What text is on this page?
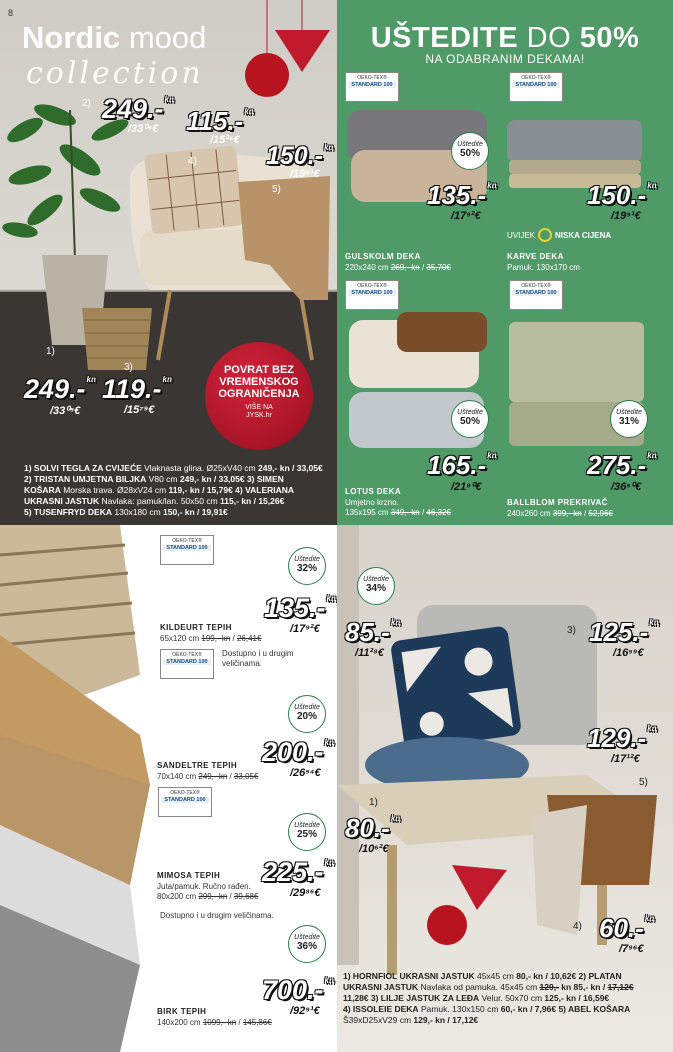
8
Nordic mood
collection
2) 249.-$^{kn}$
/33⁰⁵€ 115.-$^{kn}$
/15²⁶€
4)	150.-$^{kn}$
/19⁹¹€
5)
1)
249.-$^{kn}$
/33⁰⁵€
3)
119.-$^{kn}$
/15⁷⁹€
POVRAT BEZ
VREMENSKOG
OGRANIČENJA
VIŠE NA
JYSK.hr
1) SOLVI TEGLA ZA CVIJEĆE Vlaknasta glina. Ø25xV40 cm 249,- kn / 33,05€
2) TRISTAN UMJETNA BILJKA V80 cm 249,- kn / 33,05€ 3) SIMEN
KOŠARA Morska trava. Ø28xV24 cm 119,- kn / 15,79€ 4) VALERIANA
UKRASNI JASTUK Navlaka: pamuk/lan. 50x50 cm 115,- kn / 15,26€
5) TUSENFRYD DEKA 130x180 cm 150,- kn / 19,91€
UŠTEDITE DO 50%
NA ODABRANIM DEKAMA!
OEKO-TEX®
STANDARD 100
OEKO-TEX®
STANDARD 100
OEKO-TEX®
STANDARD 100
OEKO-TEX®
STANDARD 100
Uštedite
50%
135.-$^{kn}$
/17⁹²€
150.-$^{kn}$
/19⁹¹€
UVIJEK	NISKA CIJENA
GULSKOLM DEKA
220x240 cm 269,- kn / 35,70€
KARVE DEKA
Pamuk. 130x170 cm
Uštedite
50%
165.-$^{kn}$
/21⁹⁰€
Uštedite
31%
275.-$^{kn}$
/36⁵⁰€
LOTUS DEKA
Umjetno krzno.
135x195 cm 349,- kn / 46,32€
BALLBLOM PREKRIVAČ
240x260 cm 399,- kn / 52,96€
OEKO-TEX®
STANDARD 100
Uštedite
32%
135.-$^{kn}$
/17⁹²€
KILDEURT TEPIH
65x120 cm 199,- kn / 26,41€
OEKO-TEX®
STANDARD 100
Dostupno i u drugim veličinama.
Uštedite
20%
200.-$^{kn}$
/26⁵⁴€
SANDELTRE TEPIH
70x140 cm 249,- kn / 33,05€
OEKO-TEX®
STANDARD 100
Uštedite
25%
225.-$^{kn}$
/29⁸⁶€
MIMOSA TEPIH
Juta/pamuk. Ručno rađen.
80x200 cm 299,- kn / 39,68€
Dostupno i u drugim veličinama.
Uštedite
36%
700.-$^{kn}$
/92⁹¹€
BIRK TEPIH
140x200 cm 1099,- kn / 145,86€
Uštedite
34%
85.-$^{kn}$
/11²⁸€
2)
3) 125.-$^{kn}$
/16⁵⁹€
129.-$^{kn}$
/17¹²€
5)
1)
80.-$^{kn}$
/10⁶²€
4) 60.-$^{kn}$
/7⁹⁶€
1) HORNFIOL UKRASNI JASTUK 45x45 cm 80,- kn / 10,62€ 2) PLATAN
UKRASNI JASTUK Navlaka od pamuka. 45x45 cm 129,- kn 85,- kn / 17,12€
11,28€ 3) LILJE JASTUK ZA LEĐA Velur. 50x70 cm 125,- kn / 16,59€
4) ISSOLEIE DEKA Pamuk. 130x150 cm 60,- kn / 7,96€ 5) ABEL KOŠARA
Š39xD25xV29 cm 129,- kn / 17,12€
